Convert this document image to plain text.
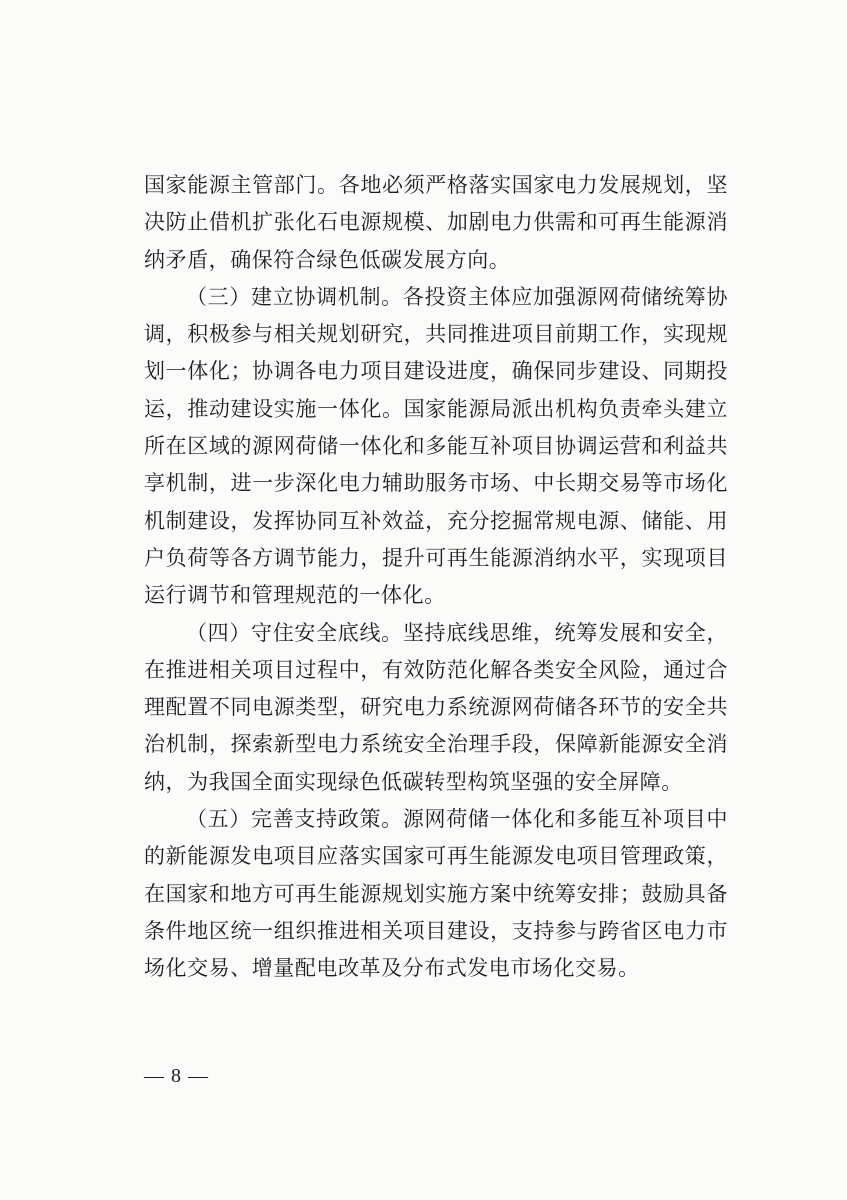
国家能源主管部门。各地必须严格落实国家电力发展规划，坚决防止借机扩张化石电源规模、加剧电力供需和可再生能源消纳矛盾，确保符合绿色低碳发展方向。

（三）建立协调机制。各投资主体应加强源网荷储统筹协调，积极参与相关规划研究，共同推进项目前期工作，实现规划一体化；协调各电力项目建设进度，确保同步建设、同期投运，推动建设实施一体化。国家能源局派出机构负责牵头建立所在区域的源网荷储一体化和多能互补项目协调运营和利益共享机制，进一步深化电力辅助服务市场、中长期交易等市场化机制建设，发挥协同互补效益，充分挖掘常规电源、储能、用户负荷等各方调节能力，提升可再生能源消纳水平，实现项目运行调节和管理规范的一体化。

（四）守住安全底线。坚持底线思维，统筹发展和安全，在推进相关项目过程中，有效防范化解各类安全风险，通过合理配置不同电源类型，研究电力系统源网荷储各环节的安全共治机制，探索新型电力系统安全治理手段，保障新能源安全消纳，为我国全面实现绿色低碳转型构筑坚强的安全屏障。

（五）完善支持政策。源网荷储一体化和多能互补项目中的新能源发电项目应落实国家可再生能源发电项目管理政策，在国家和地方可再生能源规划实施方案中统筹安排；鼓励具备条件地区统一组织推进相关项目建设，支持参与跨省区电力市场化交易、增量配电改革及分布式发电市场化交易。

— 8 —
